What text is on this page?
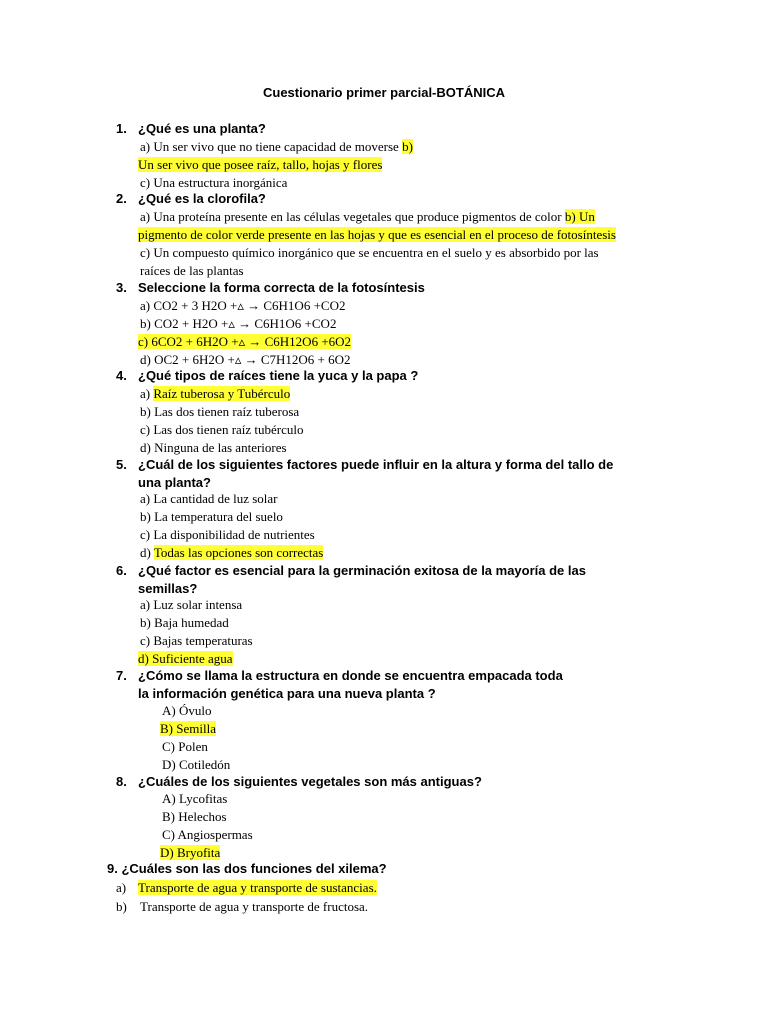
Cuestionario primer parcial-BOTÁNICA
1. ¿Qué es una planta?
a) Un ser vivo que no tiene capacidad de moverse b)
Un ser vivo que posee raíz, tallo, hojas y flores
c) Una estructura inorgánica
2. ¿Qué es la clorofila?
a) Una proteína presente en las células vegetales que produce pigmentos de color b) Un
pigmento de color verde presente en las hojas y que es esencial en el proceso de fotosíntesis
c) Un compuesto químico inorgánico que se encuentra en el suelo y es absorbido por las
raíces de las plantas
3. Seleccione la forma correcta de la fotosíntesis
a) CO2 + 3 H2O +▵ → C6H1O6 +CO2
b) CO2 + H2O +▵ → C6H1O6 +CO2
c) 6CO2 + 6H2O +▵ → C6H12O6 +6O2
d) OC2 + 6H2O +▵ → C7H12O6 + 6O2
4. ¿Qué tipos de raíces tiene la yuca y la papa ?
a) Raíz tuberosa y Tubérculo
b) Las dos tienen raíz tuberosa
c) Las dos tienen raíz tubérculo
d) Ninguna de las anteriores
5. ¿Cuál de los siguientes factores puede influir en la altura y forma del tallo de
una planta?
a) La cantidad de luz solar
b) La temperatura del suelo
c) La disponibilidad de nutrientes
d) Todas las opciones son correctas
6. ¿Qué factor es esencial para la germinación exitosa de la mayoría de las
semillas?
a) Luz solar intensa
b) Baja humedad
c) Bajas temperaturas
d) Suficiente agua
7. ¿Cómo se llama la estructura en donde se encuentra empacada toda
la información genética para una nueva planta ?
A) Óvulo
B) Semilla
C) Polen
D) Cotiledón
8. ¿Cuáles de los siguientes vegetales son más antiguas?
A) Lycofitas
B) Helechos
C) Angiospermas
D) Bryofita
9. ¿Cuáles son las dos funciones del xilema?
a) Transporte de agua y transporte de sustancias.
b) Transporte de agua y transporte de fructosa.
